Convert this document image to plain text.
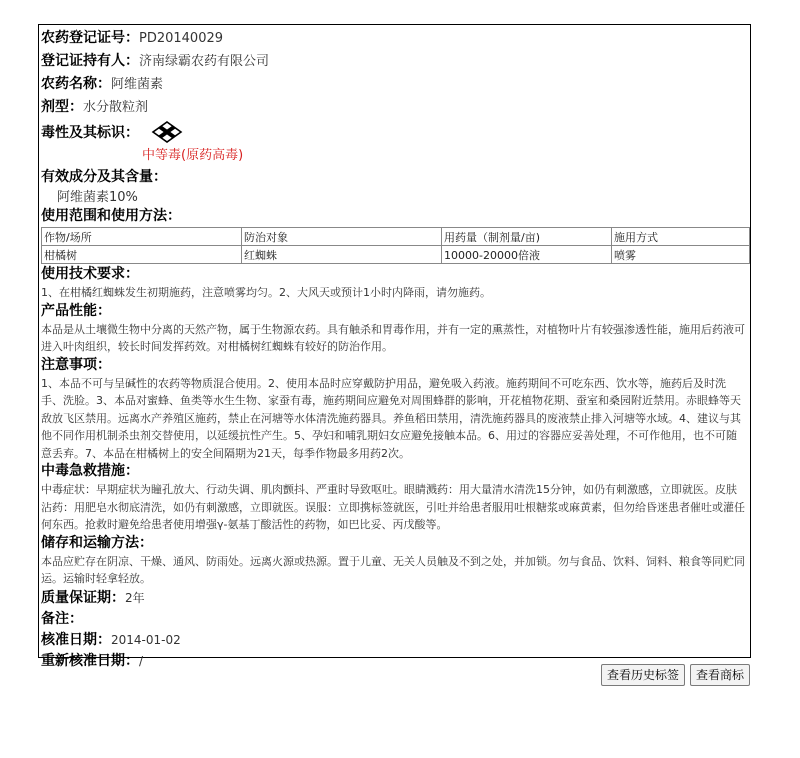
农药登记证号：PD20140029
登记证持有人：济南绿霸农药有限公司
农药名称：阿维菌素
剂型：水分散粒剂
毒性及其标识：
中等毒(原药高毒)
有效成分及其含量：
阿维菌素10%
使用范围和使用方法：
作物/场所	防治对象	用药量（制剂量/亩)	施用方式
柑橘树	红蜘蛛	10000-20000倍液	喷雾
使用技术要求：
1、在柑橘红蜘蛛发生初期施药，注意喷雾均匀。2、大风天或预计1小时内降雨，请勿施药。
产品性能：
本品是从土壤微生物中分离的天然产物，属于生物源农药。具有触杀和胃毒作用，并有一定的熏蒸性，对植物叶片有较强渗透性能，施用后药液可进入叶肉组织，较长时间发挥药效。对柑橘树红蜘蛛有较好的防治作用。
注意事项：
1、本品不可与呈碱性的农药等物质混合使用。2、使用本品时应穿戴防护用品，避免吸入药液。施药期间不可吃东西、饮水等，施药后及时洗手、洗脸。3、本品对蜜蜂、鱼类等水生生物、家蚕有毒，施药期间应避免对周围蜂群的影响，开花植物花期、蚕室和桑园附近禁用。赤眼蜂等天敌放飞区禁用。远离水产养殖区施药，禁止在河塘等水体清洗施药器具。养鱼稻田禁用，清洗施药器具的废液禁止排入河塘等水域。4、建议与其他不同作用机制杀虫剂交替使用，以延缓抗性产生。5、孕妇和哺乳期妇女应避免接触本品。6、用过的容器应妥善处理，不可作他用，也不可随意丢弃。7、本品在柑橘树上的安全间隔期为21天，每季作物最多用药2次。
中毒急救措施：
中毒症状：早期症状为瞳孔放大、行动失调、肌肉颤抖、严重时导致呕吐。眼睛溅药：用大量清水清洗15分钟，如仍有刺激感，立即就医。皮肤沾药：用肥皂水彻底清洗，如仍有刺激感，立即就医。误服：立即携标签就医，引吐并给患者服用吐根糖浆或麻黄素，但勿给昏迷患者催吐或灌任何东西。抢救时避免给患者使用增强γ-氨基丁酸活性的药物，如巴比妥、丙戊酸等。
储存和运输方法：
本品应贮存在阴凉、干燥、通风、防雨处。远离火源或热源。置于儿童、无关人员触及不到之处，并加锁。勿与食品、饮料、饲料、粮食等同贮同运。运输时轻拿轻放。
质量保证期：2年
备注：
核准日期：2014-01-02
重新核准日期：/
查看历史标签	查看商标
